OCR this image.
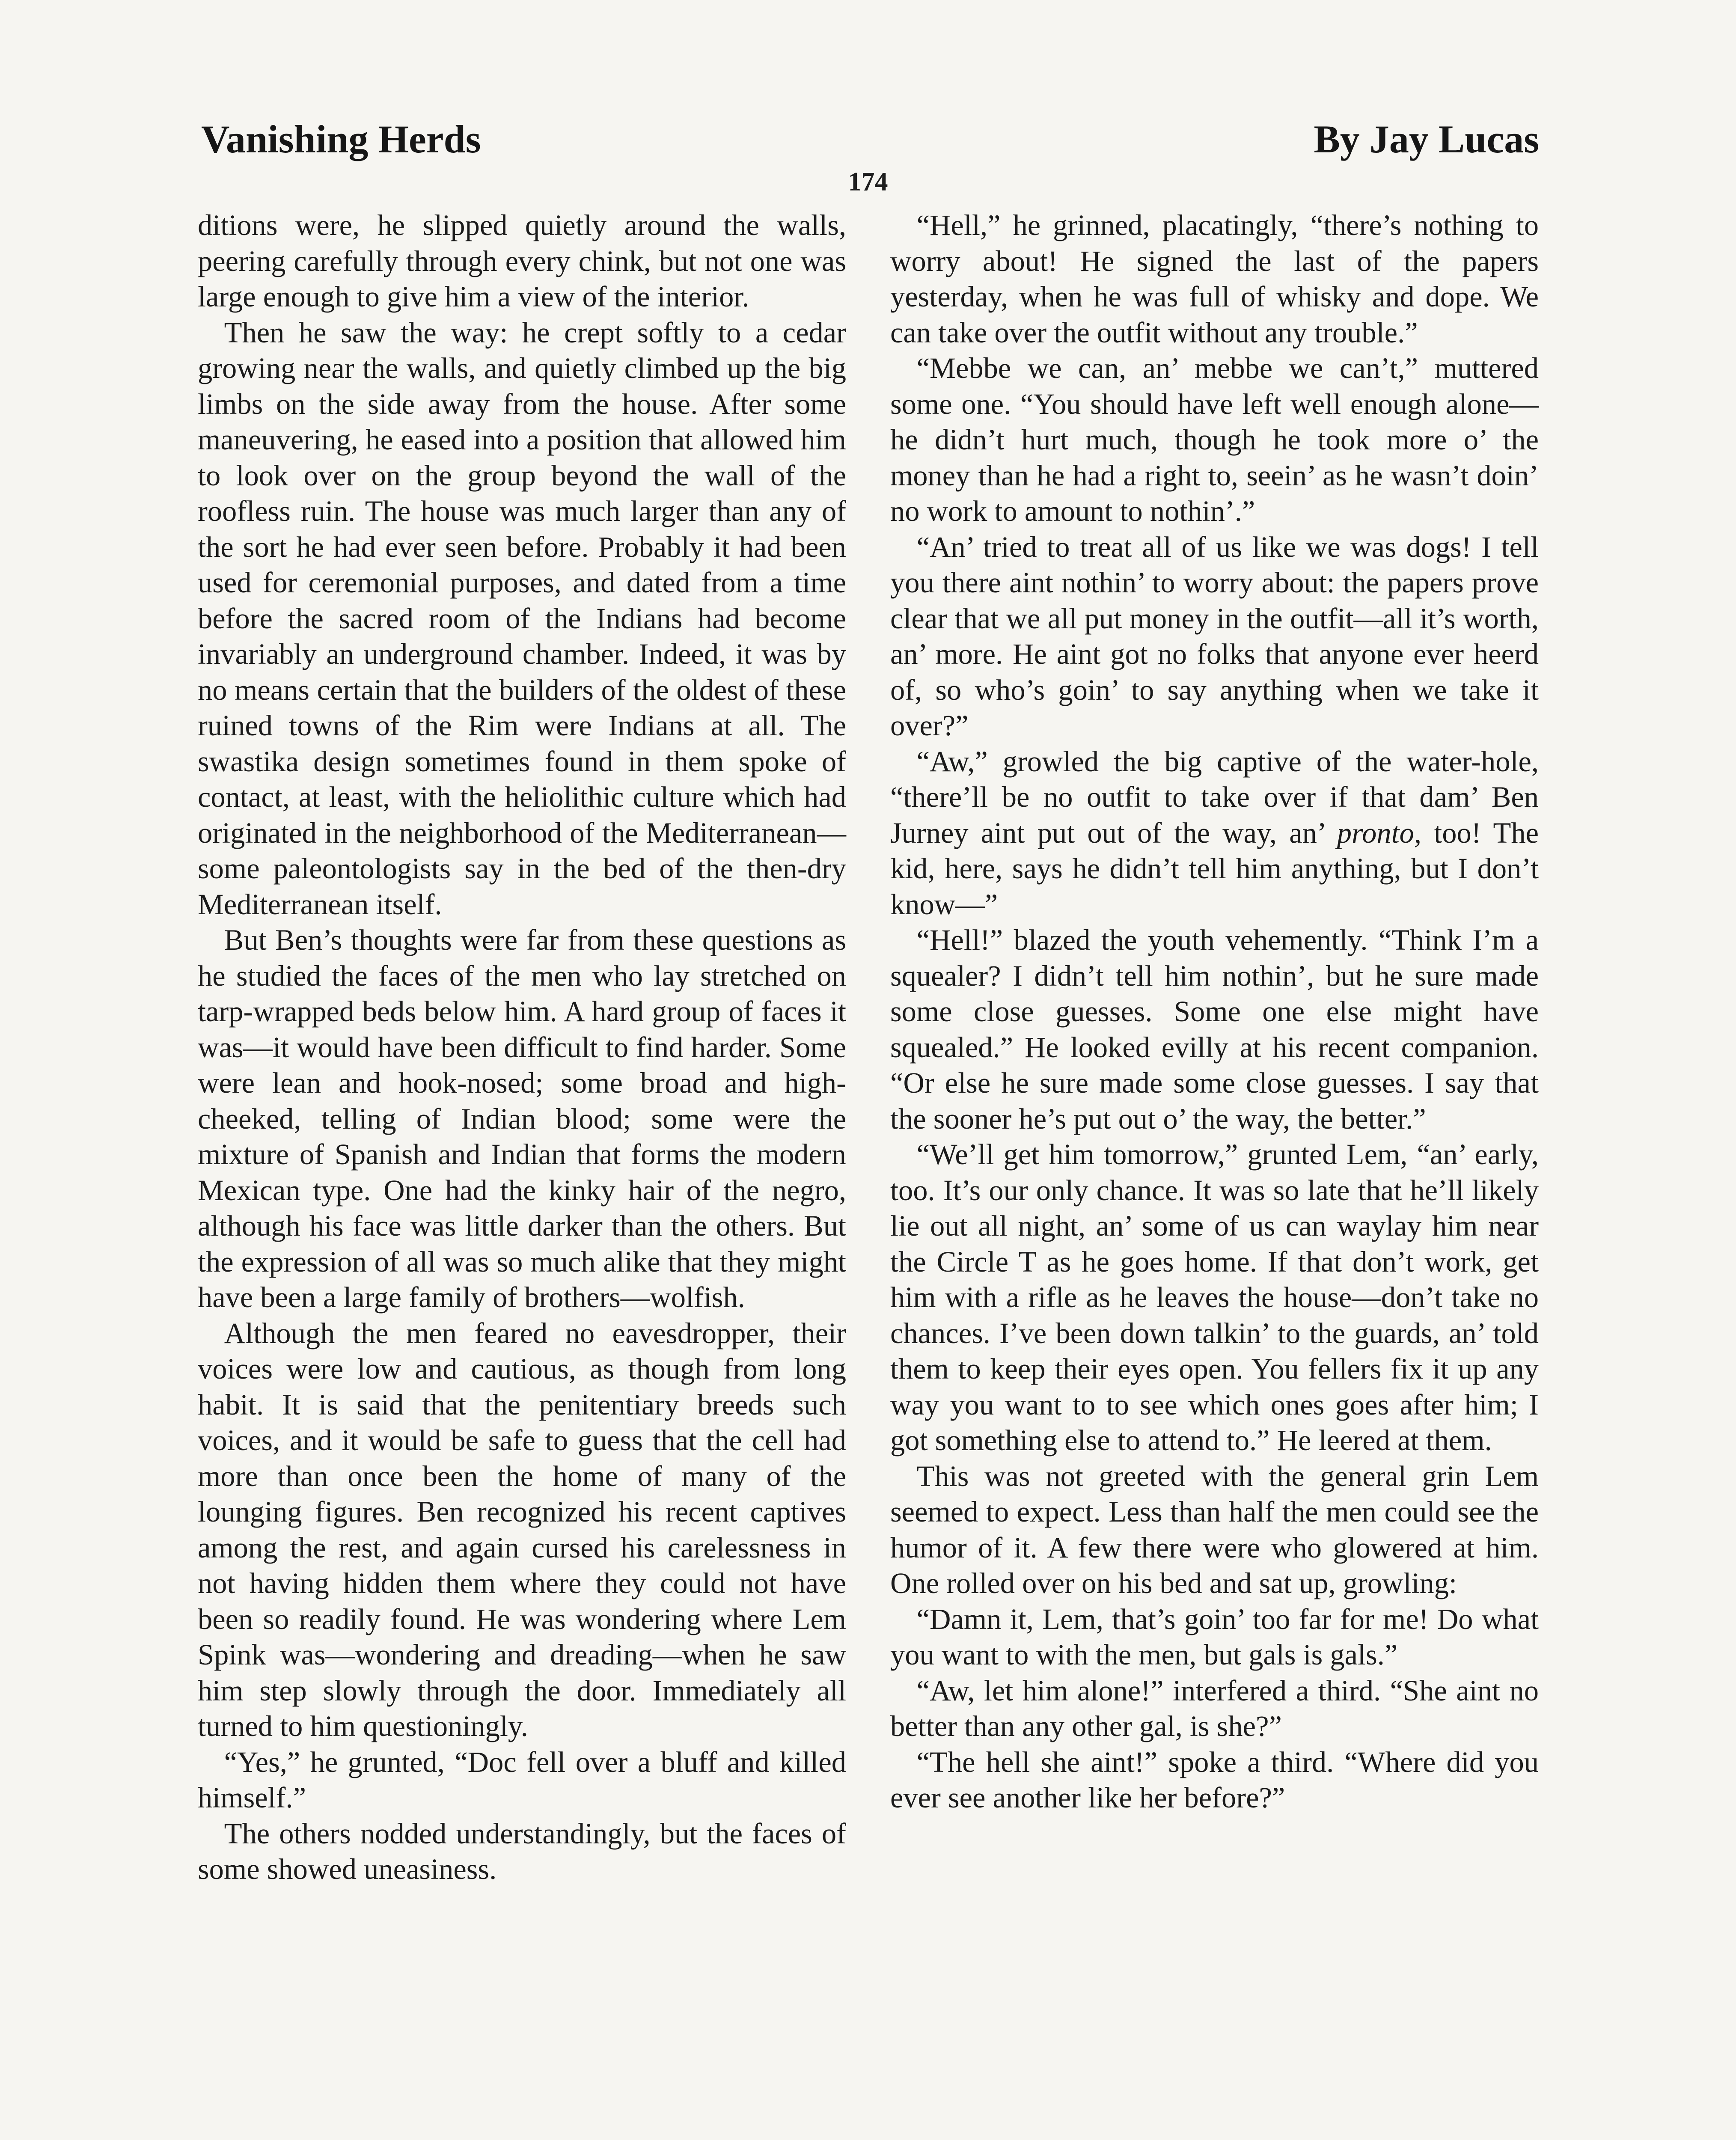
Vanishing Herds	By Jay Lucas
174

ditions were, he slipped quietly around the walls, peering carefully through every chink, but not one was large enough to give him a view of the interior.

Then he saw the way: he crept softly to a cedar growing near the walls, and quietly climbed up the big limbs on the side away from the house. After some maneuvering, he eased into a position that allowed him to look over on the group beyond the wall of the roofless ruin. The house was much larger than any of the sort he had ever seen before. Probably it had been used for ceremonial purposes, and dated from a time before the sacred room of the Indians had become invariably an underground chamber. Indeed, it was by no means certain that the builders of the oldest of these ruined towns of the Rim were Indians at all. The swastika design sometimes found in them spoke of contact, at least, with the heliolithic culture which had originated in the neighborhood of the Mediterranean—some paleontologists say in the bed of the then-dry Mediterranean itself.

But Ben’s thoughts were far from these questions as he studied the faces of the men who lay stretched on tarp-wrapped beds below him. A hard group of faces it was—it would have been difficult to find harder. Some were lean and hook-nosed; some broad and high-cheeked, telling of Indian blood; some were the mixture of Spanish and Indian that forms the modern Mexican type. One had the kinky hair of the negro, although his face was little darker than the others. But the expression of all was so much alike that they might have been a large family of brothers—wolfish.

Although the men feared no eavesdropper, their voices were low and cautious, as though from long habit. It is said that the penitentiary breeds such voices, and it would be safe to guess that the cell had more than once been the home of many of the lounging figures. Ben recognized his recent captives among the rest, and again cursed his carelessness in not having hidden them where they could not have been so readily found. He was wondering where Lem Spink was—wondering and dreading—when he saw him step slowly through the door. Immediately all turned to him questioningly.

“Yes,” he grunted, “Doc fell over a bluff and killed himself.”

The others nodded understandingly, but the faces of some showed uneasiness.

“Hell,” he grinned, placatingly, “there’s nothing to worry about! He signed the last of the papers yesterday, when he was full of whisky and dope. We can take over the outfit without any trouble.”

“Mebbe we can, an’ mebbe we can’t,” muttered some one. “You should have left well enough alone—he didn’t hurt much, though he took more o’ the money than he had a right to, seein’ as he wasn’t doin’ no work to amount to nothin’.”

“An’ tried to treat all of us like we was dogs! I tell you there aint nothin’ to worry about: the papers prove clear that we all put money in the outfit—all it’s worth, an’ more. He aint got no folks that anyone ever heerd of, so who’s goin’ to say anything when we take it over?”

“Aw,” growled the big captive of the water-hole, “there’ll be no outfit to take over if that dam’ Ben Jurney aint put out of the way, an’ pronto, too! The kid, here, says he didn’t tell him anything, but I don’t know—”

“Hell!” blazed the youth vehemently. “Think I’m a squealer? I didn’t tell him nothin’, but he sure made some close guesses. Some one else might have squealed.” He looked evilly at his recent companion. “Or else he sure made some close guesses. I say that the sooner he’s put out o’ the way, the better.”

“We’ll get him tomorrow,” grunted Lem, “an’ early, too. It’s our only chance. It was so late that he’ll likely lie out all night, an’ some of us can waylay him near the Circle T as he goes home. If that don’t work, get him with a rifle as he leaves the house—don’t take no chances. I’ve been down talkin’ to the guards, an’ told them to keep their eyes open. You fellers fix it up any way you want to to see which ones goes after him; I got something else to attend to.” He leered at them.

This was not greeted with the general grin Lem seemed to expect. Less than half the men could see the humor of it. A few there were who glowered at him. One rolled over on his bed and sat up, growling:

“Damn it, Lem, that’s goin’ too far for me! Do what you want to with the men, but gals is gals.”

“Aw, let him alone!” interfered a third. “She aint no better than any other gal, is she?”

“The hell she aint!” spoke a third. “Where did you ever see another like her before?”
